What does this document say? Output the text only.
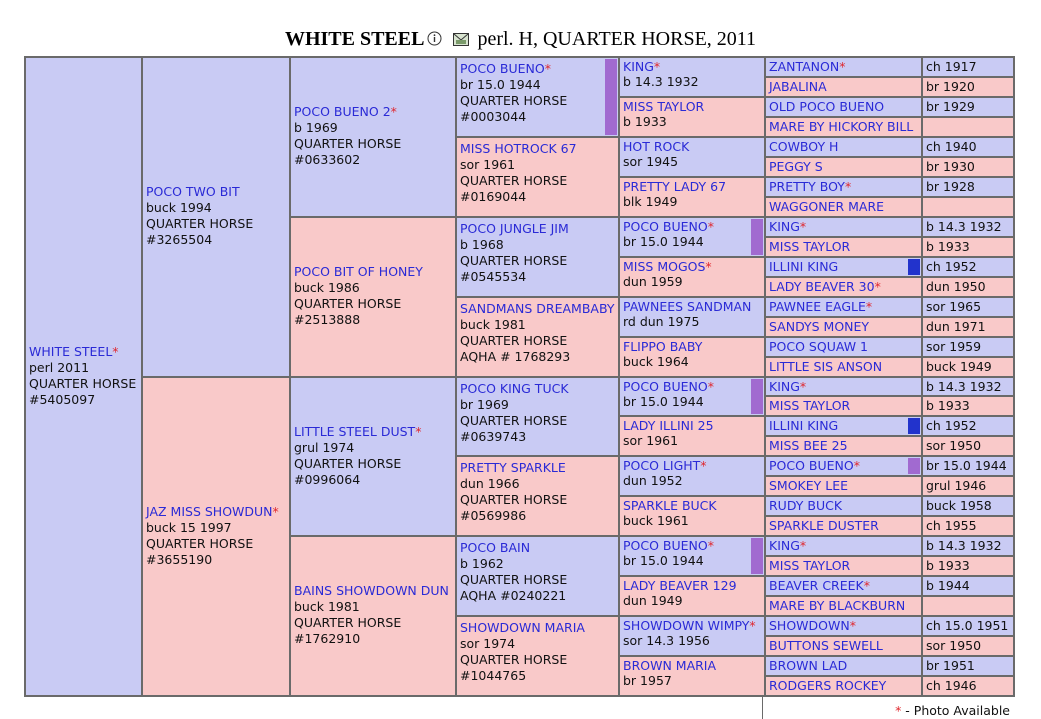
WHITE STEEL	perl. H, QUARTER HORSE, 2011
WHITE STEEL*
perl 2011
QUARTER HORSE
#5405097
POCO TWO BIT
buck 1994
QUARTER HORSE
#3265504
JAZ MISS SHOWDUN*
buck 15 1997
QUARTER HORSE
#3655190
POCO BUENO 2*
b 1969
QUARTER HORSE
#0633602
POCO BIT OF HONEY
buck 1986
QUARTER HORSE
#2513888
LITTLE STEEL DUST*
grul 1974
QUARTER HORSE
#0996064
BAINS SHOWDOWN DUN
buck 1981
QUARTER HORSE
#1762910
POCO BUENO*
br 15.0 1944
QUARTER HORSE
#0003044
MISS HOTROCK 67
sor 1961
QUARTER HORSE
#0169044
POCO JUNGLE JIM
b 1968
QUARTER HORSE
#0545534
SANDMANS DREAMBABY
buck 1981
QUARTER HORSE
AQHA # 1768293
POCO KING TUCK
br 1969
QUARTER HORSE
#0639743
PRETTY SPARKLE
dun 1966
QUARTER HORSE
#0569986
POCO BAIN
b 1962
QUARTER HORSE
AQHA #0240221
SHOWDOWN MARIA
sor 1974
QUARTER HORSE
#1044765
KING*
b 14.3 1932
MISS TAYLOR
b 1933
HOT ROCK
sor 1945
PRETTY LADY 67
blk 1949
POCO BUENO*
br 15.0 1944
MISS MOGOS*
dun 1959
PAWNEES SANDMAN
rd dun 1975
FLIPPO BABY
buck 1964
POCO BUENO*
br 15.0 1944
LADY ILLINI 25
sor 1961
POCO LIGHT*
dun 1952
SPARKLE BUCK
buck 1961
POCO BUENO*
br 15.0 1944
LADY BEAVER 129
dun 1949
SHOWDOWN WIMPY*
sor 14.3 1956
BROWN MARIA
br 1957
ch 1917
ZANTANON*
br 1920
JABALINA
br 1929
OLD POCO BUENO
MARE BY HICKORY BILL
ch 1940
COWBOY H
br 1930
PEGGY S
br 1928
PRETTY BOY*
WAGGONER MARE
b 14.3 1932
KING*
b 1933
MISS TAYLOR
ch 1952
ILLINI KING
dun 1950
LADY BEAVER 30*
sor 1965
PAWNEE EAGLE*
dun 1971
SANDYS MONEY
sor 1959
POCO SQUAW 1
buck 1949
LITTLE SIS ANSON
b 14.3 1932
KING*
b 1933
MISS TAYLOR
ch 1952
ILLINI KING
sor 1950
MISS BEE 25
br 15.0 1944
POCO BUENO*
grul 1946
SMOKEY LEE
buck 1958
RUDY BUCK
ch 1955
SPARKLE DUSTER
b 14.3 1932
KING*
b 1933
MISS TAYLOR
b 1944
BEAVER CREEK*
MARE BY BLACKBURN
ch 15.0 1951
SHOWDOWN*
sor 1950
BUTTONS SEWELL
br 1951
BROWN LAD
ch 1946
RODGERS ROCKEY
* - Photo Available
